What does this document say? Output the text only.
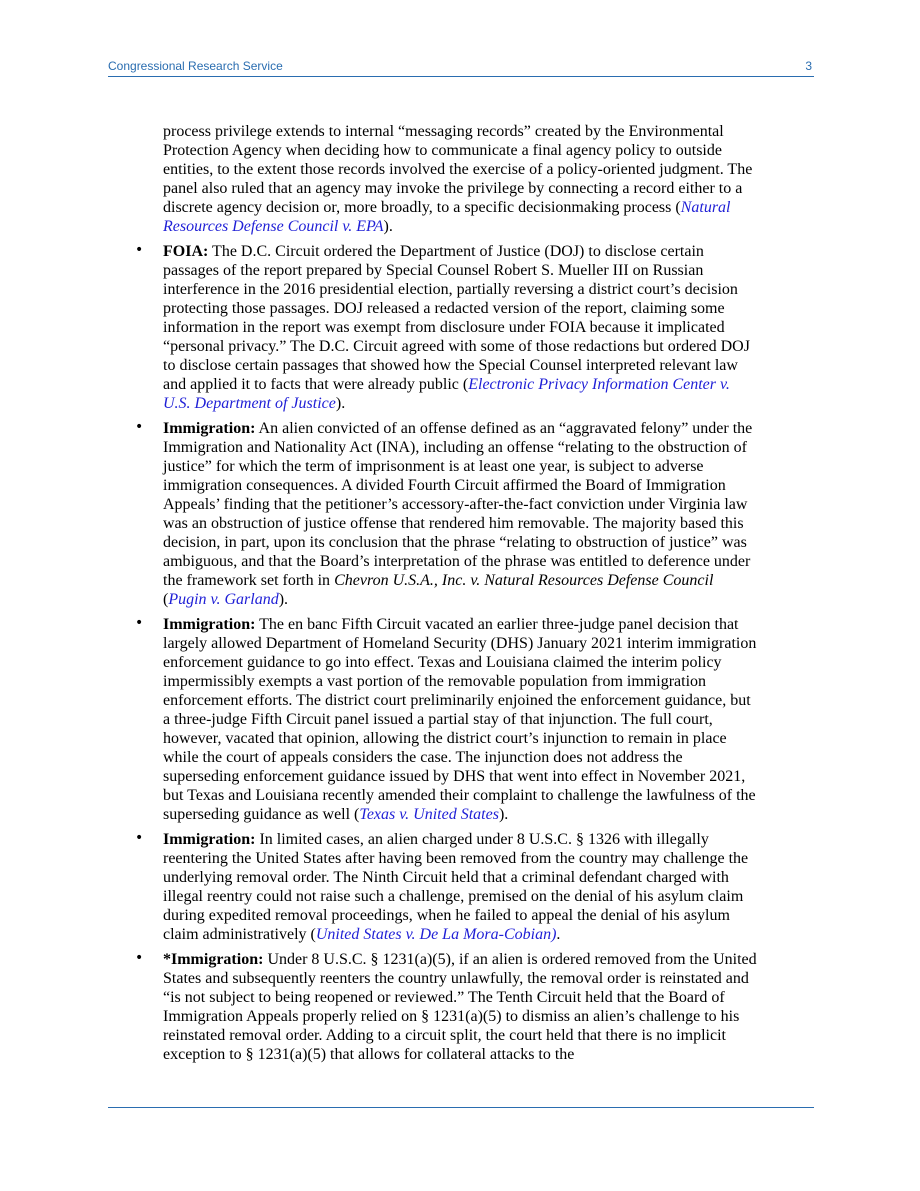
Congressional Research Service	3

process privilege extends to internal “messaging records” created by the Environmental Protection Agency when deciding how to communicate a final agency policy to outside entities, to the extent those records involved the exercise of a policy-oriented judgment. The panel also ruled that an agency may invoke the privilege by connecting a record either to a discrete agency decision or, more broadly, to a specific decisionmaking process (Natural Resources Defense Council v. EPA).

• FOIA: The D.C. Circuit ordered the Department of Justice (DOJ) to disclose certain passages of the report prepared by Special Counsel Robert S. Mueller III on Russian interference in the 2016 presidential election, partially reversing a district court’s decision protecting those passages. DOJ released a redacted version of the report, claiming some information in the report was exempt from disclosure under FOIA because it implicated “personal privacy.” The D.C. Circuit agreed with some of those redactions but ordered DOJ to disclose certain passages that showed how the Special Counsel interpreted relevant law and applied it to facts that were already public (Electronic Privacy Information Center v. U.S. Department of Justice).
• Immigration: An alien convicted of an offense defined as an “aggravated felony” under the Immigration and Nationality Act (INA), including an offense “relating to the obstruction of justice” for which the term of imprisonment is at least one year, is subject to adverse immigration consequences. A divided Fourth Circuit affirmed the Board of Immigration Appeals’ finding that the petitioner’s accessory-after-the-fact conviction under Virginia law was an obstruction of justice offense that rendered him removable. The majority based this decision, in part, upon its conclusion that the phrase “relating to obstruction of justice” was ambiguous, and that the Board’s interpretation of the phrase was entitled to deference under the framework set forth in Chevron U.S.A., Inc. v. Natural Resources Defense Council (Pugin v. Garland).
• Immigration: The en banc Fifth Circuit vacated an earlier three-judge panel decision that largely allowed Department of Homeland Security (DHS) January 2021 interim immigration enforcement guidance to go into effect. Texas and Louisiana claimed the interim policy impermissibly exempts a vast portion of the removable population from immigration enforcement efforts. The district court preliminarily enjoined the enforcement guidance, but a three-judge Fifth Circuit panel issued a partial stay of that injunction. The full court, however, vacated that opinion, allowing the district court’s injunction to remain in place while the court of appeals considers the case. The injunction does not address the superseding enforcement guidance issued by DHS that went into effect in November 2021, but Texas and Louisiana recently amended their complaint to challenge the lawfulness of the superseding guidance as well (Texas v. United States).
• Immigration: In limited cases, an alien charged under 8 U.S.C. § 1326 with illegally reentering the United States after having been removed from the country may challenge the underlying removal order. The Ninth Circuit held that a criminal defendant charged with illegal reentry could not raise such a challenge, premised on the denial of his asylum claim during expedited removal proceedings, when he failed to appeal the denial of his asylum claim administratively (United States v. De La Mora-Cobian).
• *Immigration: Under 8 U.S.C. § 1231(a)(5), if an alien is ordered removed from the United States and subsequently reenters the country unlawfully, the removal order is reinstated and “is not subject to being reopened or reviewed.” The Tenth Circuit held that the Board of Immigration Appeals properly relied on § 1231(a)(5) to dismiss an alien’s challenge to his reinstated removal order. Adding to a circuit split, the court held that there is no implicit exception to § 1231(a)(5) that allows for collateral attacks to the
